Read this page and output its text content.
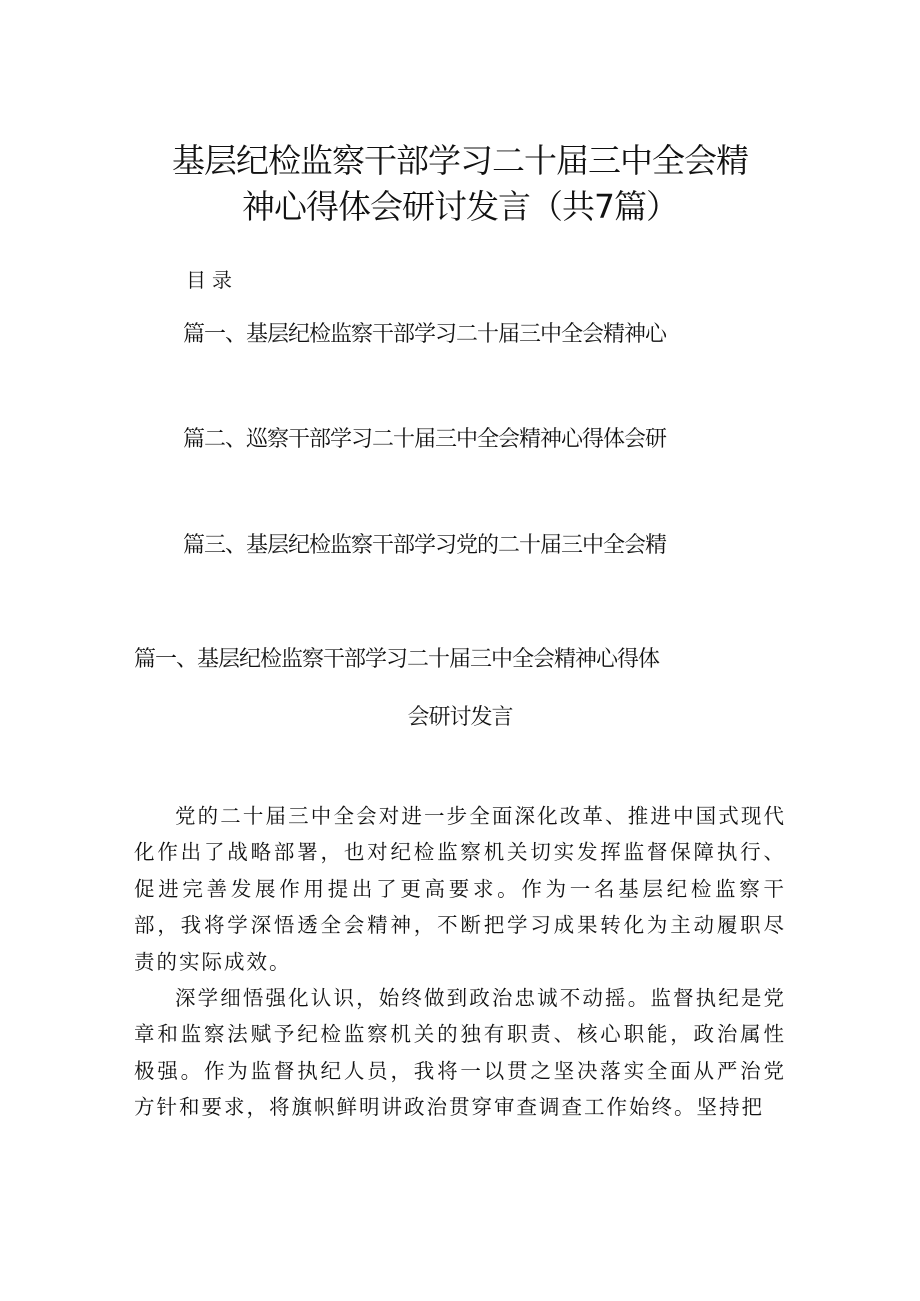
基层纪检监察干部学习二十届三中全会精
神心得体会研讨发言（共7篇）
目录
篇一、基层纪检监察干部学习二十届三中全会精神心
篇二、巡察干部学习二十届三中全会精神心得体会研
篇三、基层纪检监察干部学习党的二十届三中全会精
篇一、基层纪检监察干部学习二十届三中全会精神心得体
会研讨发言

党的二十届三中全会对进一步全面深化改革、推进中国式现代化作出了战略部署，也对纪检监察机关切实发挥监督保障执行、促进完善发展作用提出了更高要求。作为一名基层纪检监察干部，我将学深悟透全会精神，不断把学习成果转化为主动履职尽责的实际成效。

深学细悟强化认识，始终做到政治忠诚不动摇。监督执纪是党章和监察法赋予纪检监察机关的独有职责、核心职能，政治属性极强。作为监督执纪人员，我将一以贯之坚决落实全面从严治党方针和要求，将旗帜鲜明讲政治贯穿审查调查工作始终。坚持把
